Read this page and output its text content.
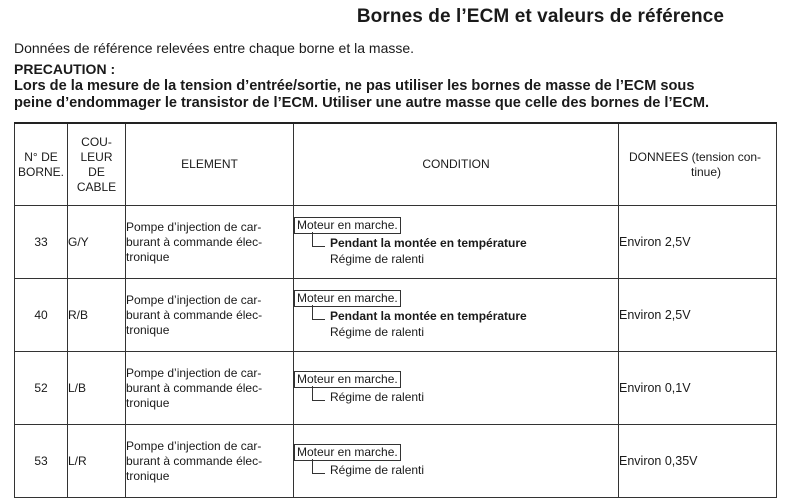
Bornes de l’ECM et valeurs de référence
Données de référence relevées entre chaque borne et la masse.
PRECAUTION :
Lors de la mesure de la tension d’entrée/sortie, ne pas utiliser les bornes de masse de l’ECM sous
peine d’endommager le transistor de l’ECM. Utiliser une autre masse que celle des bornes de l’ECM.
N° DE
BORNE.	COU-
LEUR
DE
CABLE	ELEMENT	CONDITION	DONNEES (tension con-
tinue)
33	G/Y	Pompe d’injection de car-
burant à commande élec-
tronique	Moteur en marche.
Pendant la montée en température
Régime de ralenti	Environ 2,5V
40	R/B	Pompe d’injection de car-
burant à commande élec-
tronique	Moteur en marche.
Pendant la montée en température
Régime de ralenti	Environ 2,5V
52	L/B	Pompe d’injection de car-
burant à commande élec-
tronique	Moteur en marche.
Régime de ralenti	Environ 0,1V
53	L/R	Pompe d’injection de car-
burant à commande élec-
tronique	Moteur en marche.
Régime de ralenti	Environ 0,35V
